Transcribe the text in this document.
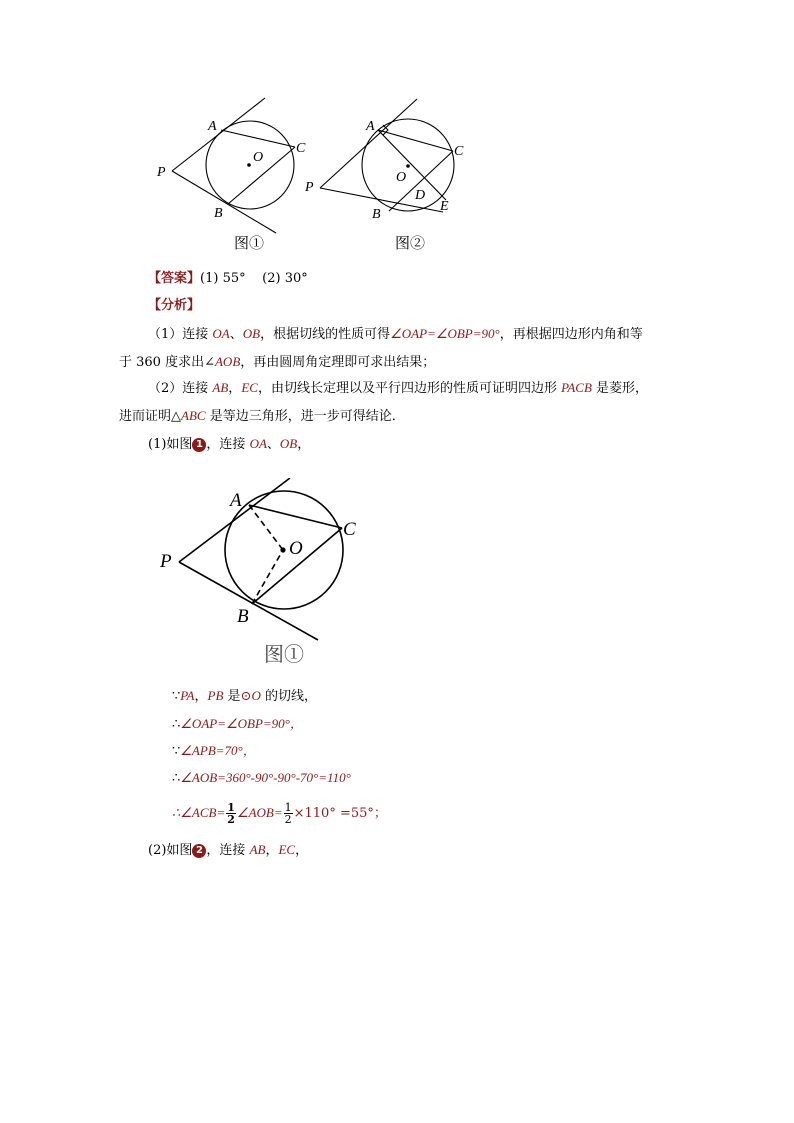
A
O
C
P
B
图①
A
C
O
P
D
E
B
图②
【答案】(1) 55° (2) 30°
【分析】
（1）连接 OA、OB，根据切线的性质可得∠OAP=∠OBP=90°，再根据四边形内角和等
于 360 度求出∠AOB，再由圆周角定理即可求出结果；
（2）连接 AB，EC，由切线长定理以及平行四边形的性质可证明四边形 PACB 是菱形，
进而证明△ABC 是等边三角形，进一步可得结论．
(1)如图 1 ，连接 OA、OB，
A
O
C
P
B
图①
∵PA，PB 是⊙O 的切线，
∴∠OAP=∠OBP=90°，
∵∠APB=70°，
∴∠AOB=360°-90°-90°-70°=110°
∴∠ACB= $\frac{1}{2}$ ∠AOB= $\frac{1}{2} \times 110^\circ =55^\circ$；
(2)如图 2 ，连接 AB，EC，
